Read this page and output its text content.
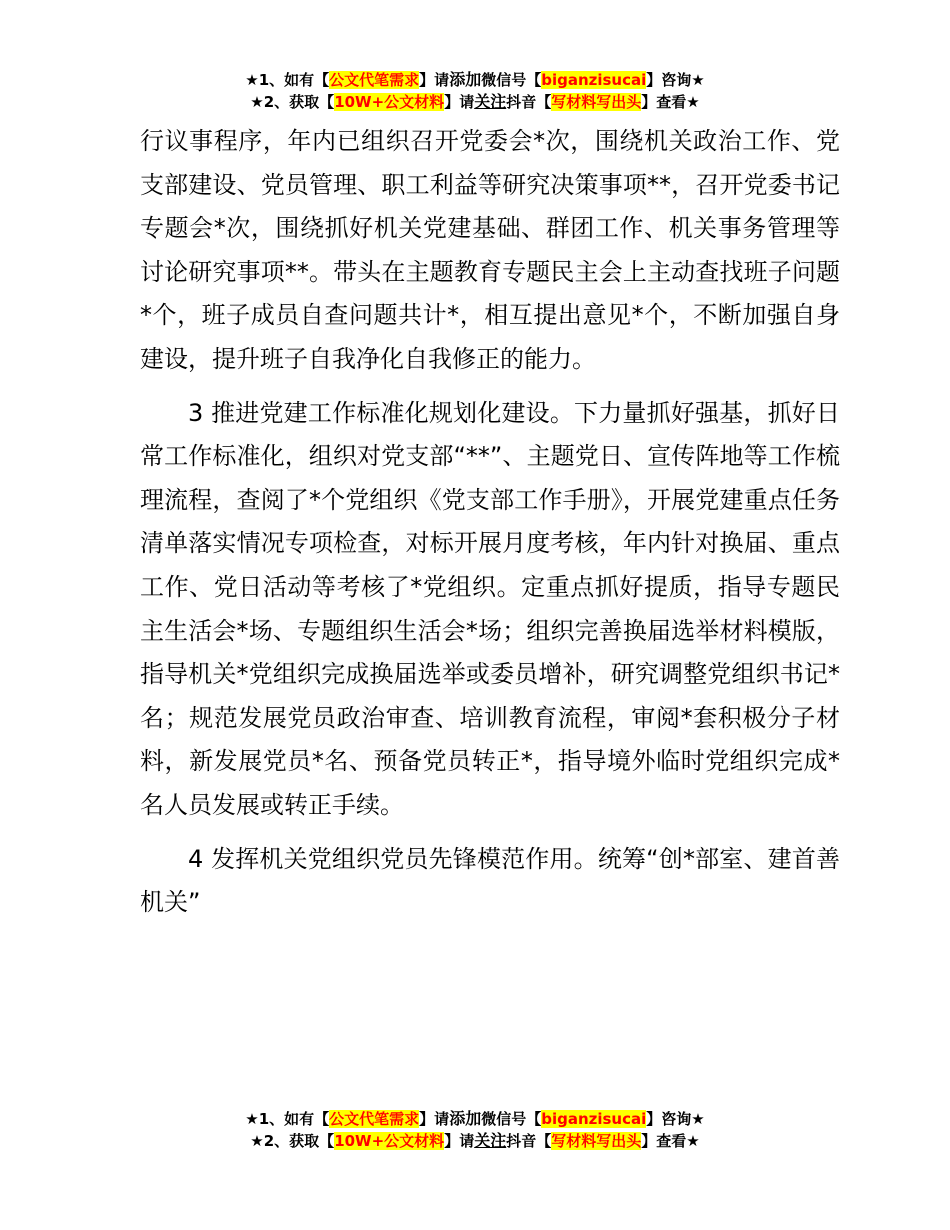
★1、如有【公文代笔需求】请添加微信号【biganzisucai】咨询★
★2、获取【10W+公文材料】请关注抖音【写材料写出头】查看★

行议事程序，年内已组织召开党委会*次，围绕机关政治工作、党支部建设、党员管理、职工利益等研究决策事项**，召开党委书记专题会*次，围绕抓好机关党建基础、群团工作、机关事务管理等讨论研究事项**。带头在主题教育专题民主会上主动查找班子问题*个，班子成员自查问题共计*，相互提出意见*个，不断加强自身建设，提升班子自我净化自我修正的能力。

3 推进党建工作标准化规划化建设。下力量抓好强基，抓好日常工作标准化，组织对党支部“**”、主题党日、宣传阵地等工作梳理流程，查阅了*个党组织《党支部工作手册》，开展党建重点任务清单落实情况专项检查，对标开展月度考核，年内针对换届、重点工作、党日活动等考核了*党组织。定重点抓好提质，指导专题民主生活会*场、专题组织生活会*场；组织完善换届选举材料模版，指导机关*党组织完成换届选举或委员增补，研究调整党组织书记*名；规范发展党员政治审查、培训教育流程，审阅*套积极分子材料，新发展党员*名、预备党员转正*，指导境外临时党组织完成*名人员发展或转正手续。

4 发挥机关党组织党员先锋模范作用。统筹“创*部室、建首善机关”

★1、如有【公文代笔需求】请添加微信号【biganzisucai】咨询★
★2、获取【10W+公文材料】请关注抖音【写材料写出头】查看★
